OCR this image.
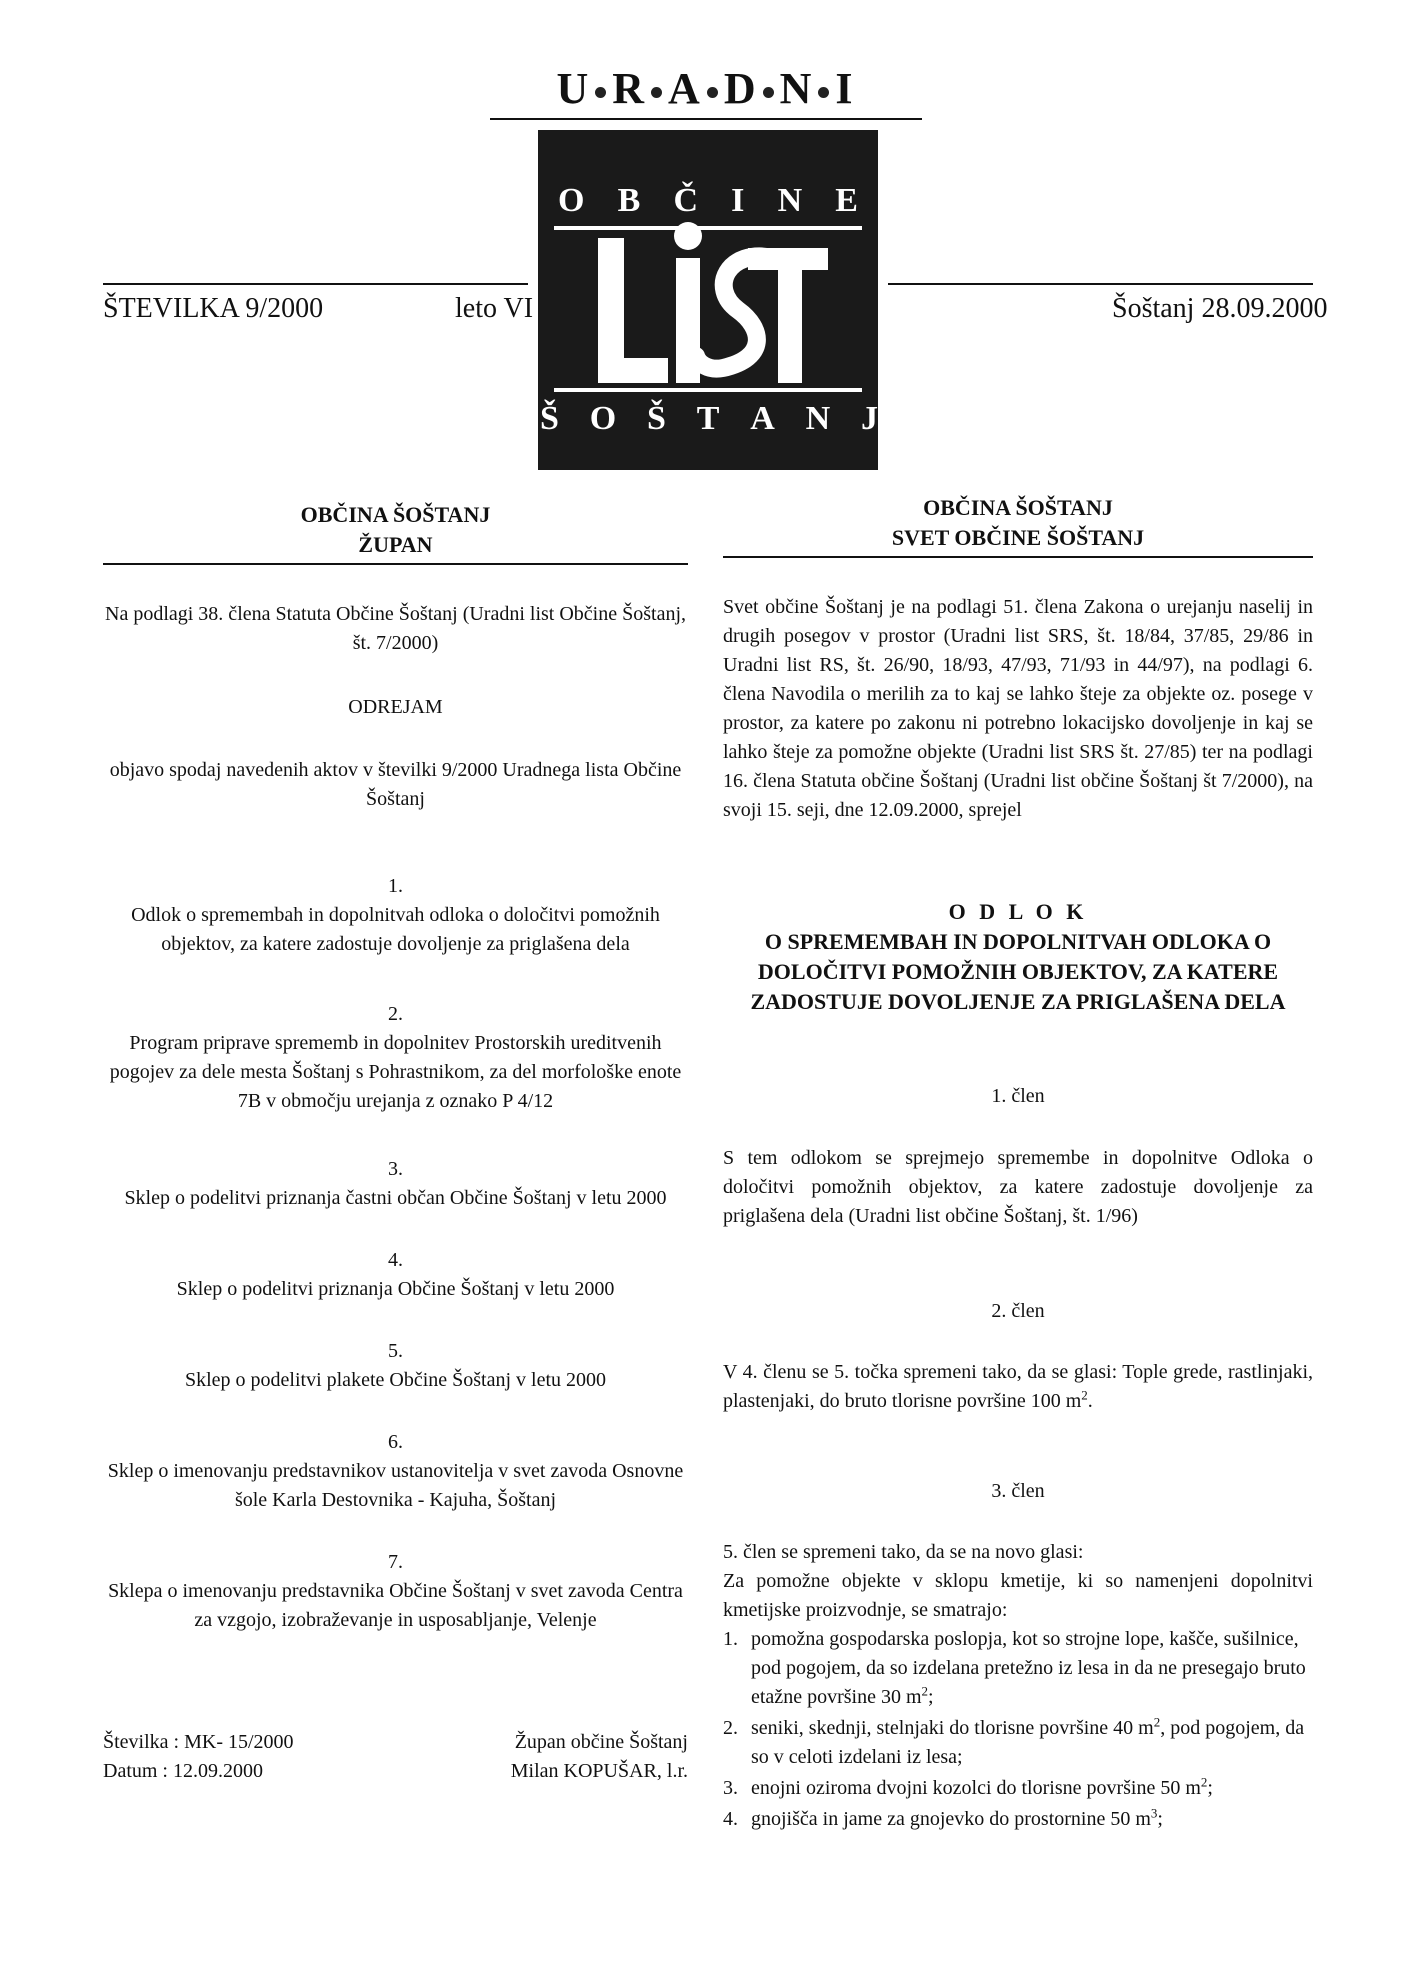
U R A D N I
O B Č I N E
Š O Š T A N J
ŠTEVILKA 9/2000	leto VI	Šoštanj 28.09.2000
OBČINA ŠOŠTANJ
ŽUPAN
Na podlagi 38. člena Statuta Občine Šoštanj (Uradni list Občine Šoštanj, št. 7/2000)
ODREJAM
objavo spodaj navedenih aktov v številki 9/2000 Uradnega lista Občine Šoštanj
1.
Odlok o spremembah in dopolnitvah odloka o določitvi pomožnih objektov, za katere zadostuje dovoljenje za priglašena dela
2.
Program priprave sprememb in dopolnitev Prostorskih ureditvenih pogojev za dele mesta Šoštanj s Pohrastnikom, za del morfološke enote 7B v območju urejanja z oznako P 4/12
3.
Sklep o podelitvi priznanja častni občan Občine Šoštanj v letu 2000
4.
Sklep o podelitvi priznanja Občine Šoštanj v letu 2000
5.
Sklep o podelitvi plakete Občine Šoštanj v letu 2000
6.
Sklep o imenovanju predstavnikov ustanovitelja v svet zavoda Osnovne šole Karla Destovnika - Kajuha, Šoštanj
7.
Sklepa o imenovanju predstavnika Občine Šoštanj v svet zavoda Centra za vzgojo, izobraževanje in usposabljanje, Velenje
Številka : MK- 15/2000
Datum : 12.09.2000
Župan občine Šoštanj
Milan KOPUŠAR, l.r.
OBČINA ŠOŠTANJ
SVET OBČINE ŠOŠTANJ
Svet občine Šoštanj je na podlagi 51. člena Zakona o urejanju naselij in drugih posegov v prostor (Uradni list SRS, št. 18/84, 37/85, 29/86 in Uradni list RS, št. 26/90, 18/93, 47/93, 71/93 in 44/97), na podlagi 6. člena Navodila o merilih za to kaj se lahko šteje za objekte oz. posege v prostor, za katere po zakonu ni potrebno lokacijsko dovoljenje in kaj se lahko šteje za pomožne objekte (Uradni list SRS št. 27/85) ter na podlagi 16. člena Statuta občine Šoštanj (Uradni list občine Šoštanj št 7/2000), na svoji 15. seji, dne 12.09.2000, sprejel
O D L O K
O SPREMEMBAH IN DOPOLNITVAH ODLOKA O DOLOČITVI POMOŽNIH OBJEKTOV, ZA KATERE ZADOSTUJE DOVOLJENJE ZA PRIGLAŠENA DELA
1. člen
S tem odlokom se sprejmejo spremembe in dopolnitve Odloka o določitvi pomožnih objektov, za katere zadostuje dovoljenje za priglašena dela (Uradni list občine Šoštanj, št. 1/96)
2. člen
V 4. členu se 5. točka spremeni tako, da se glasi: Tople grede, rastlinjaki, plastenjaki, do bruto tlorisne površine 100 $m^2$.
3. člen
5. člen se spremeni tako, da se na novo glasi:
Za pomožne objekte v sklopu kmetije, ki so namenjeni dopolnitvi kmetijske proizvodnje, se smatrajo:
1. pomožna gospodarska poslopja, kot so strojne lope, kašče, sušilnice, pod pogojem, da so izdelana pretežno iz lesa in da ne presegajo bruto etažne površine 30 $m^2$;
2. seniki, skednji, stelnjaki do tlorisne površine 40 $m^2$, pod pogojem, da so v celoti izdelani iz lesa;
3. enojni oziroma dvojni kozolci do tlorisne površine 50 $m^2$;
4. gnojišča in jame za gnojevko do prostornine 50 $m^3$;
